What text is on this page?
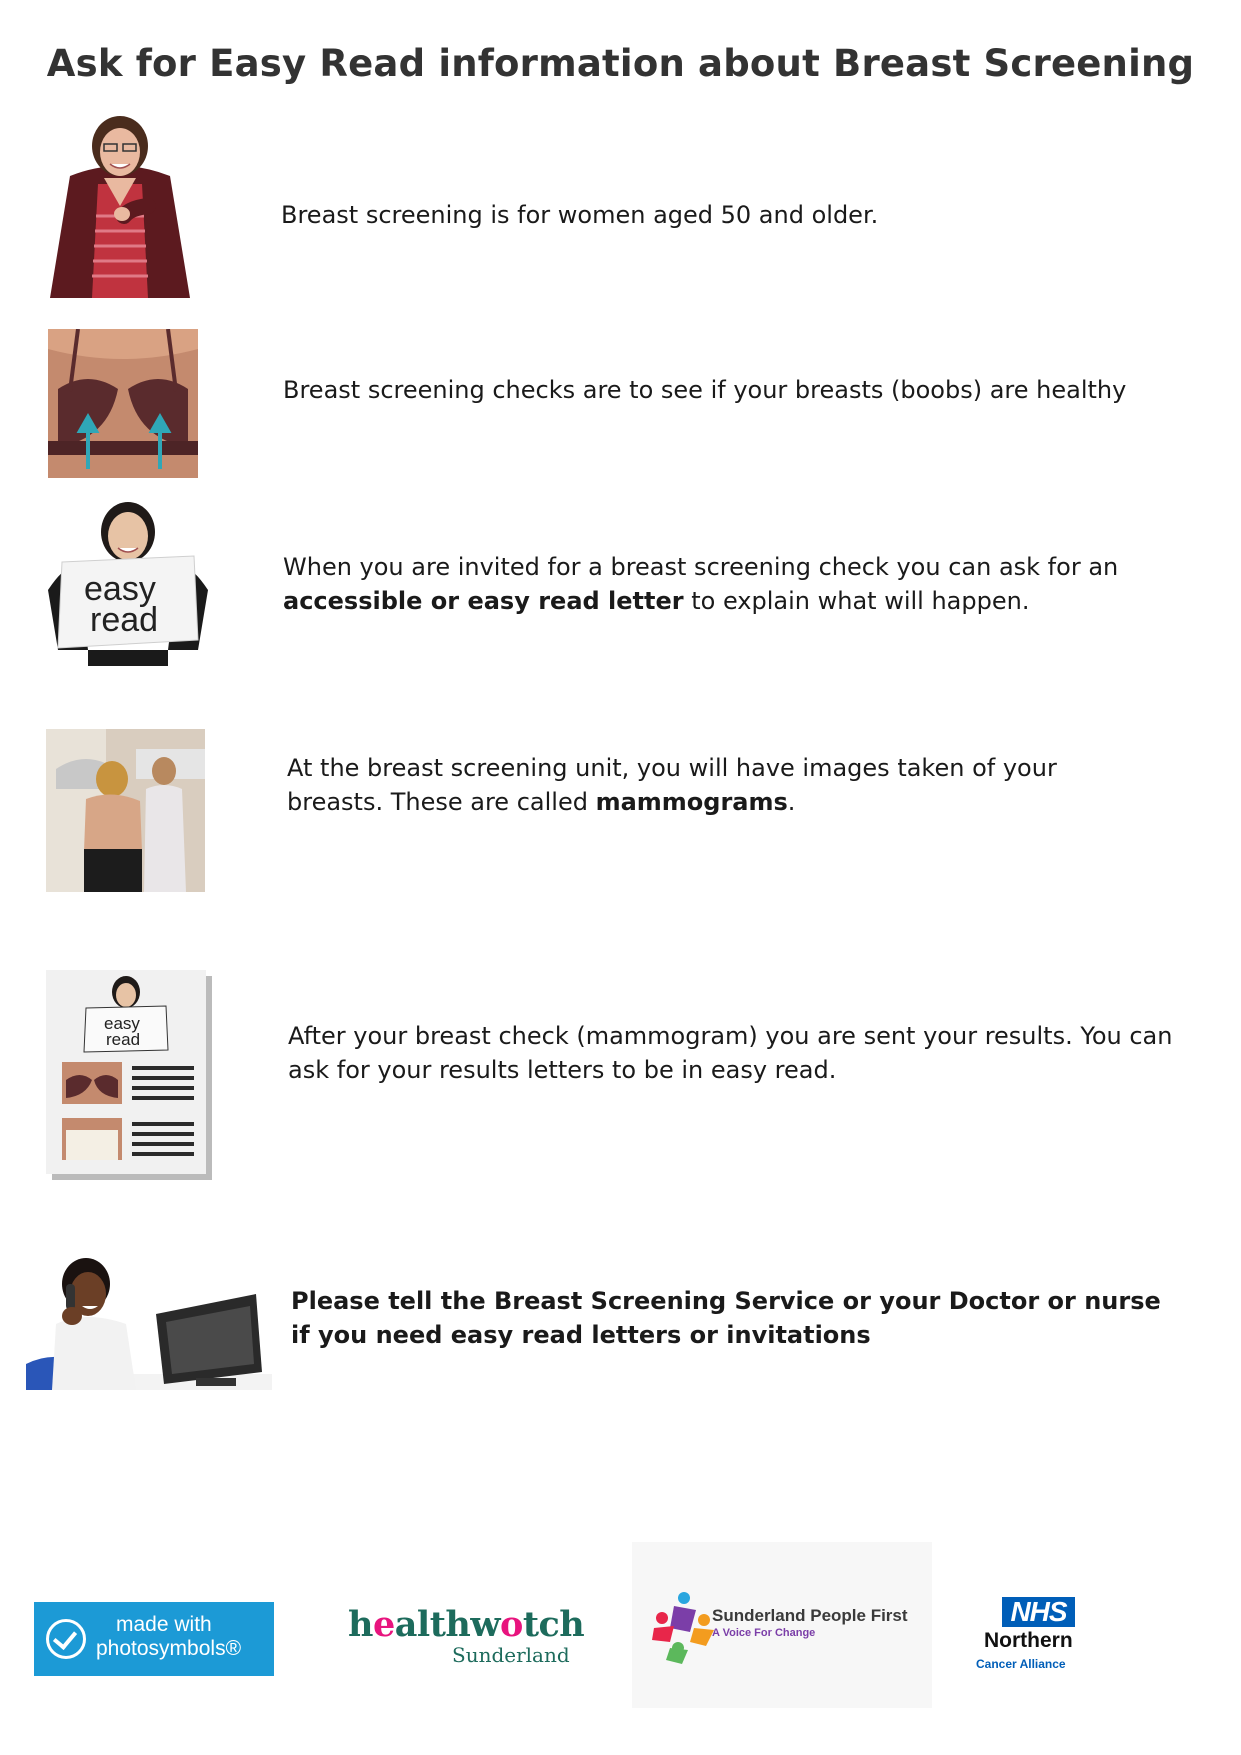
Ask for Easy Read information about Breast Screening
Breast screening is for women aged 50 and older.
Breast screening checks are to see if your breasts (boobs) are healthy
easy
read
When you are invited for a breast screening check you can ask for an accessible or easy read letter to explain what will happen.
At the breast screening unit, you will have images taken of your breasts. These are called mammograms.
easy
read	After your breast check (mammogram) you are sent your results. You can ask for your results letters to be in easy read.
Please tell the Breast Screening Service or your Doctor or nurse if you need easy read letters or invitations
made with
photosymbols®
healthwotch
Sunderland
Sunderland People First
A Voice For Change
NHS
Northern
Cancer Alliance
